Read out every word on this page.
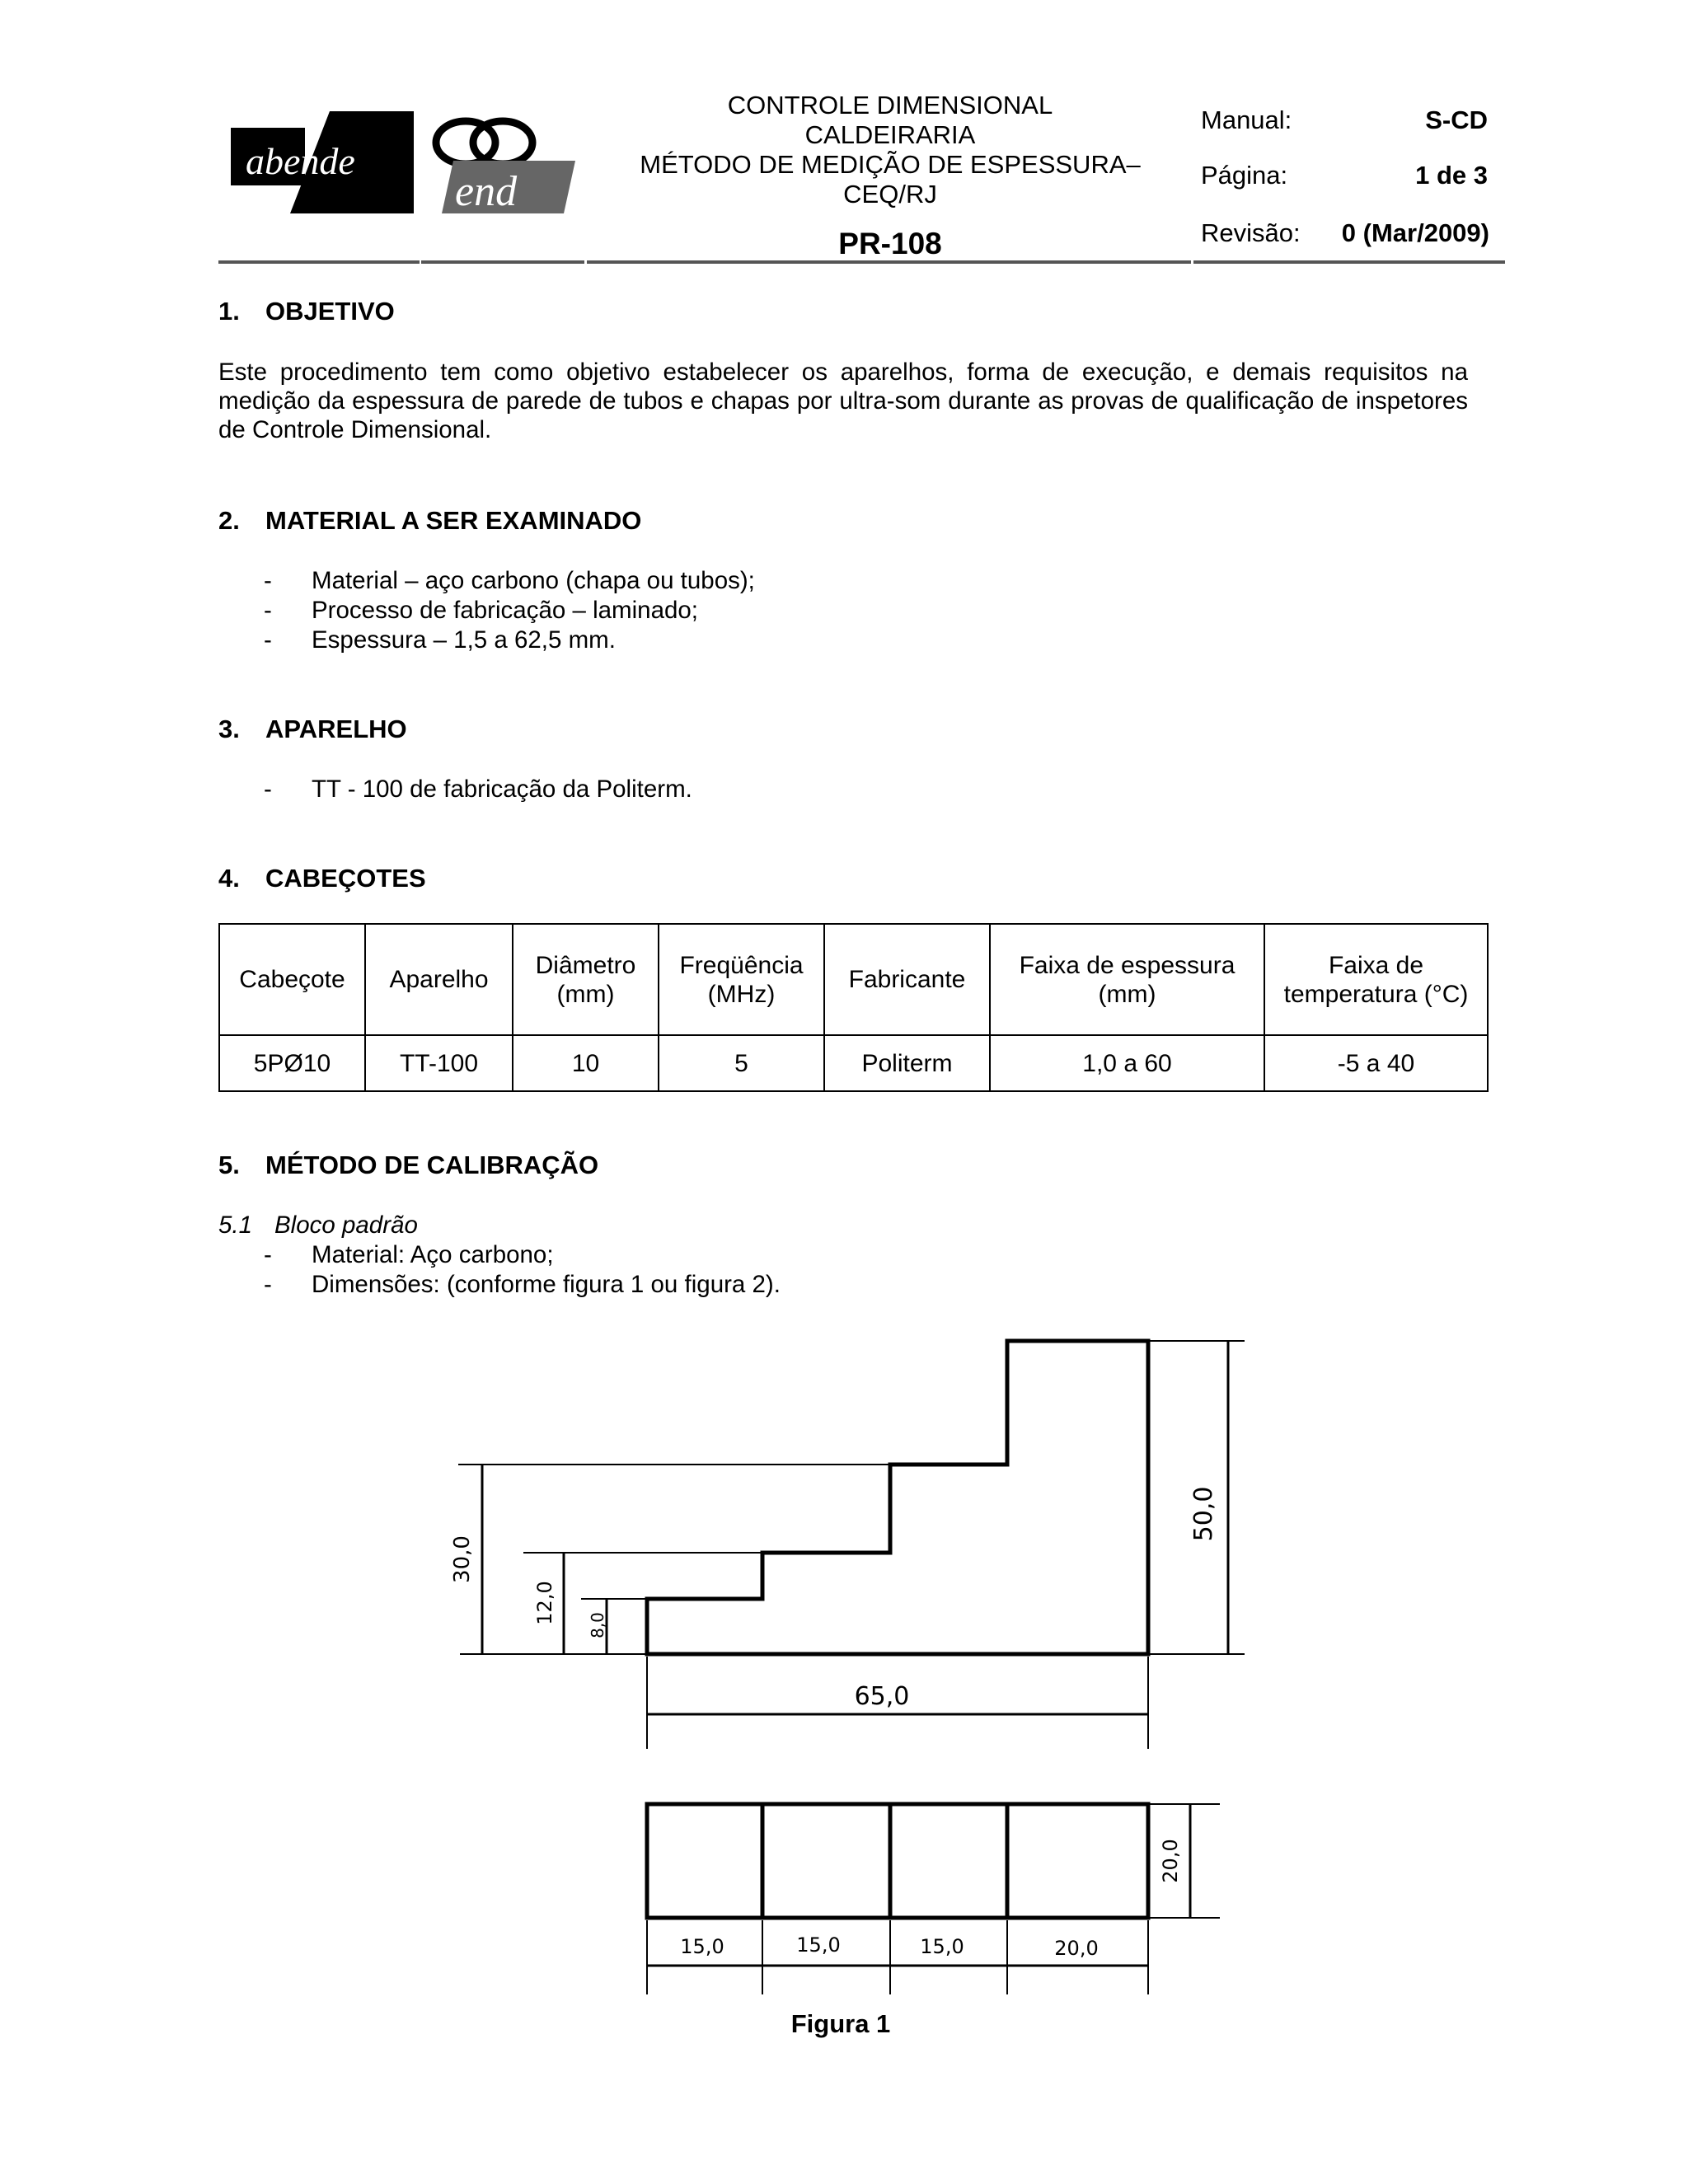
abende
end
CONTROLE DIMENSIONAL
CALDEIRARIA
MÉTODO DE MEDIÇÃO DE ESPESSURA–
CEQ/RJ
PR-108
Manual:	S-CD
Página:	1 de 3
Revisão:	0 (Mar/2009)
1. OBJETIVO
Este procedimento tem como objetivo estabelecer os aparelhos, forma de execução, e demais requisitos na medição da espessura de parede de tubos e chapas por ultra-som durante as provas de qualificação de inspetores de Controle Dimensional.
2. MATERIAL A SER EXAMINADO
- Material – aço carbono (chapa ou tubos);
- Processo de fabricação – laminado;
- Espessura – 1,5 a 62,5 mm.
3. APARELHO
- TT - 100 de fabricação da Politerm.
4. CABEÇOTES
Cabeçote	Aparelho	Diâmetro (mm)	Freqüência (MHz)	Fabricante	Faixa de espessura (mm)	Faixa de temperatura (°C)
5PØ10	TT-100	10	5	Politerm	1,0 a 60	-5 a 40
5. MÉTODO DE CALIBRAÇÃO
5.1 Bloco padrão
- Material: Aço carbono;
- Dimensões: (conforme figura 1 ou figura 2).
30,0
12,0
8,0
50,0
65,0
20,0
15,0	15,0	15,0	20,0
Figura 1
